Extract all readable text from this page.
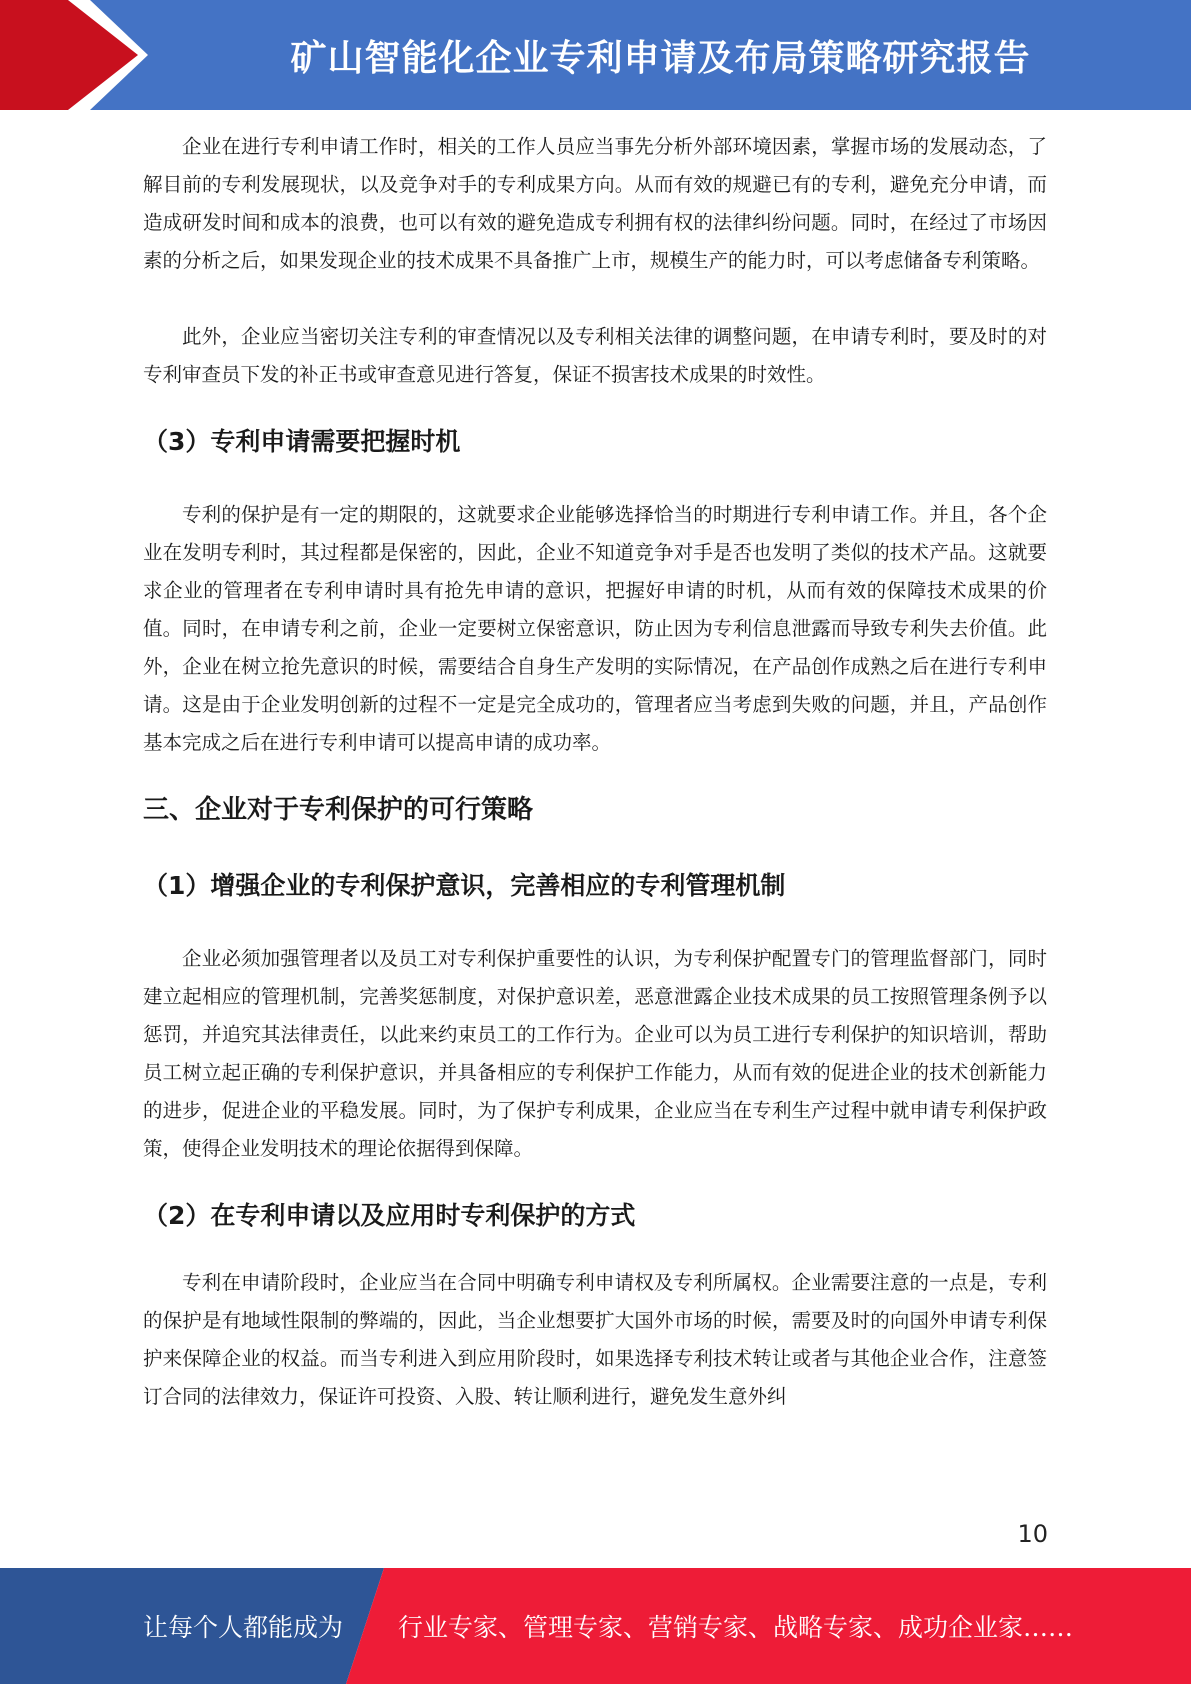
矿山智能化企业专利申请及布局策略研究报告

企业在进行专利申请工作时，相关的工作人员应当事先分析外部环境因素，掌握市场的发展动态，了解目前的专利发展现状，以及竞争对手的专利成果方向。从而有效的规避已有的专利，避免充分申请，而造成研发时间和成本的浪费，也可以有效的避免造成专利拥有权的法律纠纷问题。同时，在经过了市场因素的分析之后，如果发现企业的技术成果不具备推广上市，规模生产的能力时，可以考虑储备专利策略。

此外，企业应当密切关注专利的审查情况以及专利相关法律的调整问题，在申请专利时，要及时的对专利审查员下发的补正书或审查意见进行答复，保证不损害技术成果的时效性。

（3）专利申请需要把握时机

专利的保护是有一定的期限的，这就要求企业能够选择恰当的时期进行专利申请工作。并且，各个企业在发明专利时，其过程都是保密的，因此，企业不知道竞争对手是否也发明了类似的技术产品。这就要求企业的管理者在专利申请时具有抢先申请的意识，把握好申请的时机，从而有效的保障技术成果的价值。同时，在申请专利之前，企业一定要树立保密意识，防止因为专利信息泄露而导致专利失去价值。此外，企业在树立抢先意识的时候，需要结合自身生产发明的实际情况，在产品创作成熟之后在进行专利申请。这是由于企业发明创新的过程不一定是完全成功的，管理者应当考虑到失败的问题，并且，产品创作基本完成之后在进行专利申请可以提高申请的成功率。

三、企业对于专利保护的可行策略
（1）增强企业的专利保护意识，完善相应的专利管理机制

企业必须加强管理者以及员工对专利保护重要性的认识，为专利保护配置专门的管理监督部门，同时建立起相应的管理机制，完善奖惩制度，对保护意识差，恶意泄露企业技术成果的员工按照管理条例予以惩罚，并追究其法律责任，以此来约束员工的工作行为。企业可以为员工进行专利保护的知识培训，帮助员工树立起正确的专利保护意识，并具备相应的专利保护工作能力，从而有效的促进企业的技术创新能力的进步，促进企业的平稳发展。同时，为了保护专利成果，企业应当在专利生产过程中就申请专利保护政策，使得企业发明技术的理论依据得到保障。

（2）在专利申请以及应用时专利保护的方式

专利在申请阶段时，企业应当在合同中明确专利申请权及专利所属权。企业需要注意的一点是，专利的保护是有地域性限制的弊端的，因此，当企业想要扩大国外市场的时候，需要及时的向国外申请专利保护来保障企业的权益。而当专利进入到应用阶段时，如果选择专利技术转让或者与其他企业合作，注意签订合同的法律效力，保证许可投资、入股、转让顺利进行，避免发生意外纠

10
让每个人都能成为 行业专家、管理专家、营销专家、战略专家、成功企业家……
